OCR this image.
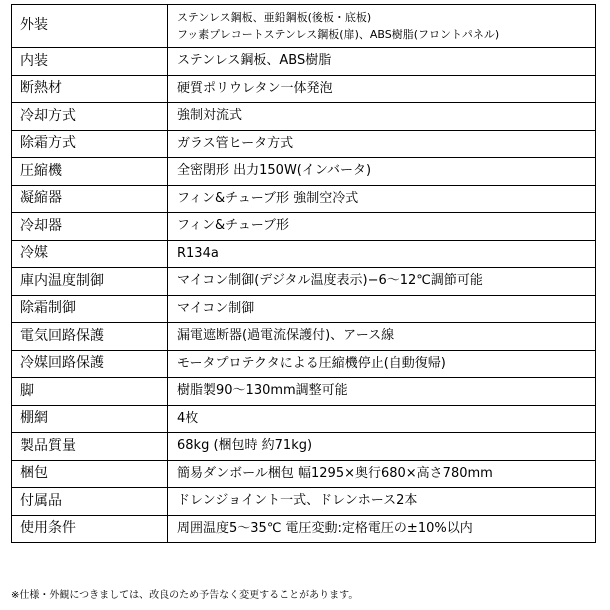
外装	ステンレス鋼板、亜鉛鋼板(後板・底板)
フッ素プレコートステンレス鋼板(扉)、ABS樹脂(フロントパネル)

内装	ステンレス鋼板、ABS樹脂

断熱材	硬質ポリウレタン一体発泡

冷却方式	強制対流式

除霜方式	ガラス管ヒータ方式

圧縮機	全密閉形 出力150W(インバータ)

凝縮器	フィン&チューブ形 強制空冷式

冷却器	フィン&チューブ形

冷媒	R134a

庫内温度制御	マイコン制御(デジタル温度表示)−6〜12℃調節可能

除霜制御	マイコン制御

電気回路保護	漏電遮断器(過電流保護付)、アース線

冷媒回路保護	モータプロテクタによる圧縮機停止(自動復帰)

脚	樹脂製90〜130mm調整可能

棚網	4枚

製品質量	68kg (梱包時 約71kg)

梱包	簡易ダンボール梱包 幅1295×奥行680×高さ780mm

付属品	ドレンジョイント一式、ドレンホース2本

使用条件	周囲温度5〜35℃ 電圧変動:定格電圧の±10%以内
※仕様・外観につきましては、改良のため予告なく変更することがあります。
